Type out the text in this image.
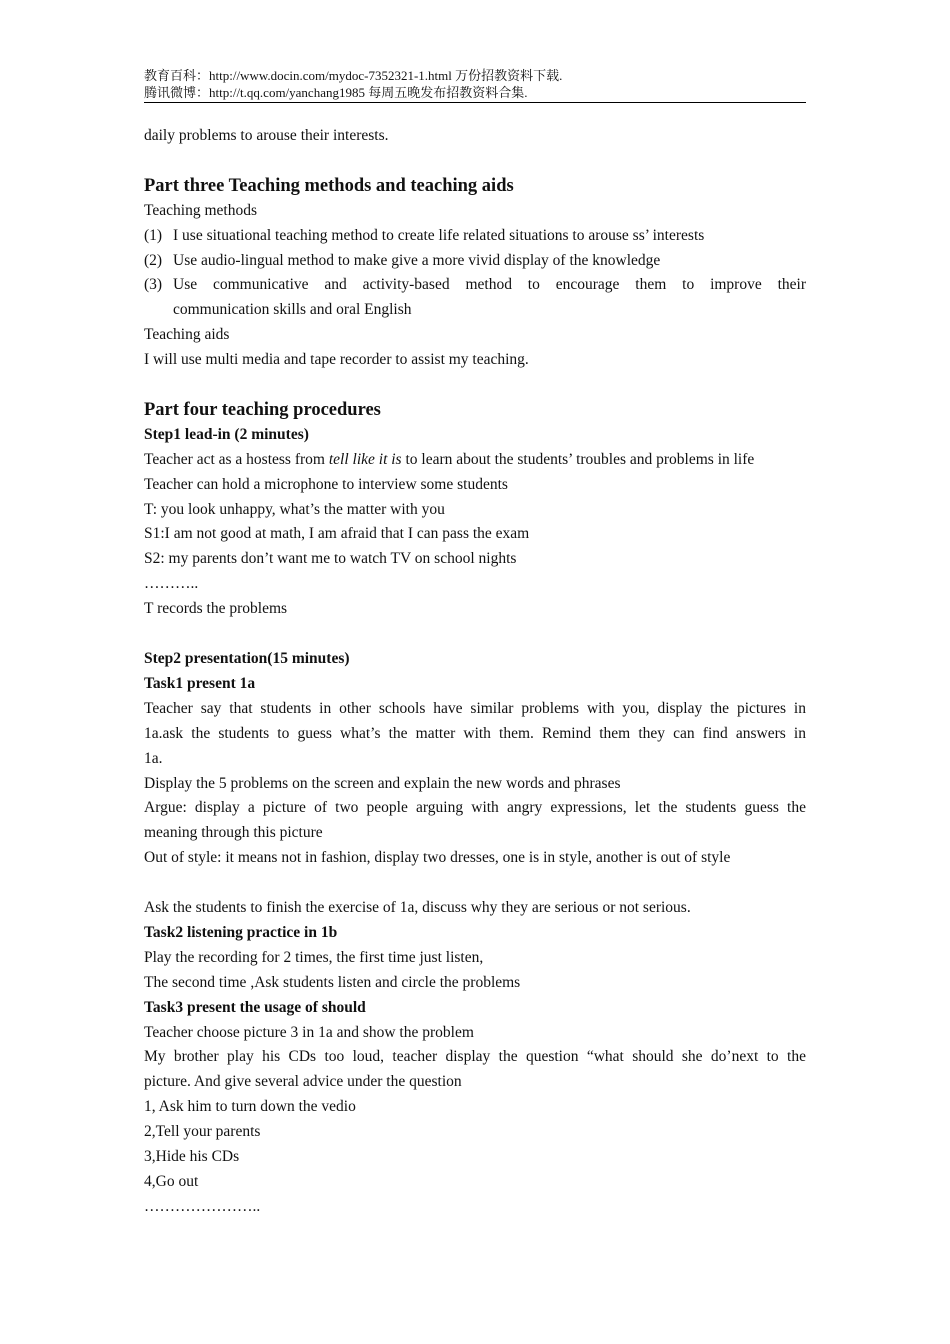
教育百科：http://www.docin.com/mydoc-7352321-1.html 万份招教资料下载.
腾讯微博：http://t.qq.com/yanchang1985 每周五晚发布招教资料合集.

daily problems to arouse their interests.

Part three Teaching methods and teaching aids

Teaching methods

(1) I use situational teaching method to create life related situations to arouse ss’ interests
(2) Use audio-lingual method to make give a more vivid display of the knowledge
(3) Use communicative and activity-based method to encourage them to improve their
communication skills and oral English

Teaching aids

I will use multi media and tape recorder to assist my teaching.

Part four teaching procedures

Step1 lead-in (2 minutes)

Teacher act as a hostess from tell like it is to learn about the students’ troubles and problems in life

Teacher can hold a microphone to interview some students

T: you look unhappy, what’s the matter with you

S1:I am not good at math, I am afraid that I can pass the exam

S2: my parents don’t want me to watch TV on school nights

………..

T records the problems

Step2 presentation(15 minutes)

Task1 present 1a

Teacher say that students in other schools have similar problems with you, display the pictures in

1a.ask the students to guess what’s the matter with them. Remind them they can find answers in

1a.

Display the 5 problems on the screen and explain the new words and phrases

Argue: display a picture of two people arguing with angry expressions, let the students guess the

meaning through this picture

Out of style: it means not in fashion, display two dresses, one is in style, another is out of style

Ask the students to finish the exercise of 1a, discuss why they are serious or not serious.

Task2 listening practice in 1b

Play the recording for 2 times, the first time just listen,

The second time ,Ask students listen and circle the problems

Task3 present the usage of should

Teacher choose picture 3 in 1a and show the problem

My brother play his CDs too loud, teacher display the question “what should she do’next to the

picture. And give several advice under the question

1, Ask him to turn down the vedio

2,Tell your parents

3,Hide his CDs

4,Go out

…………………..
